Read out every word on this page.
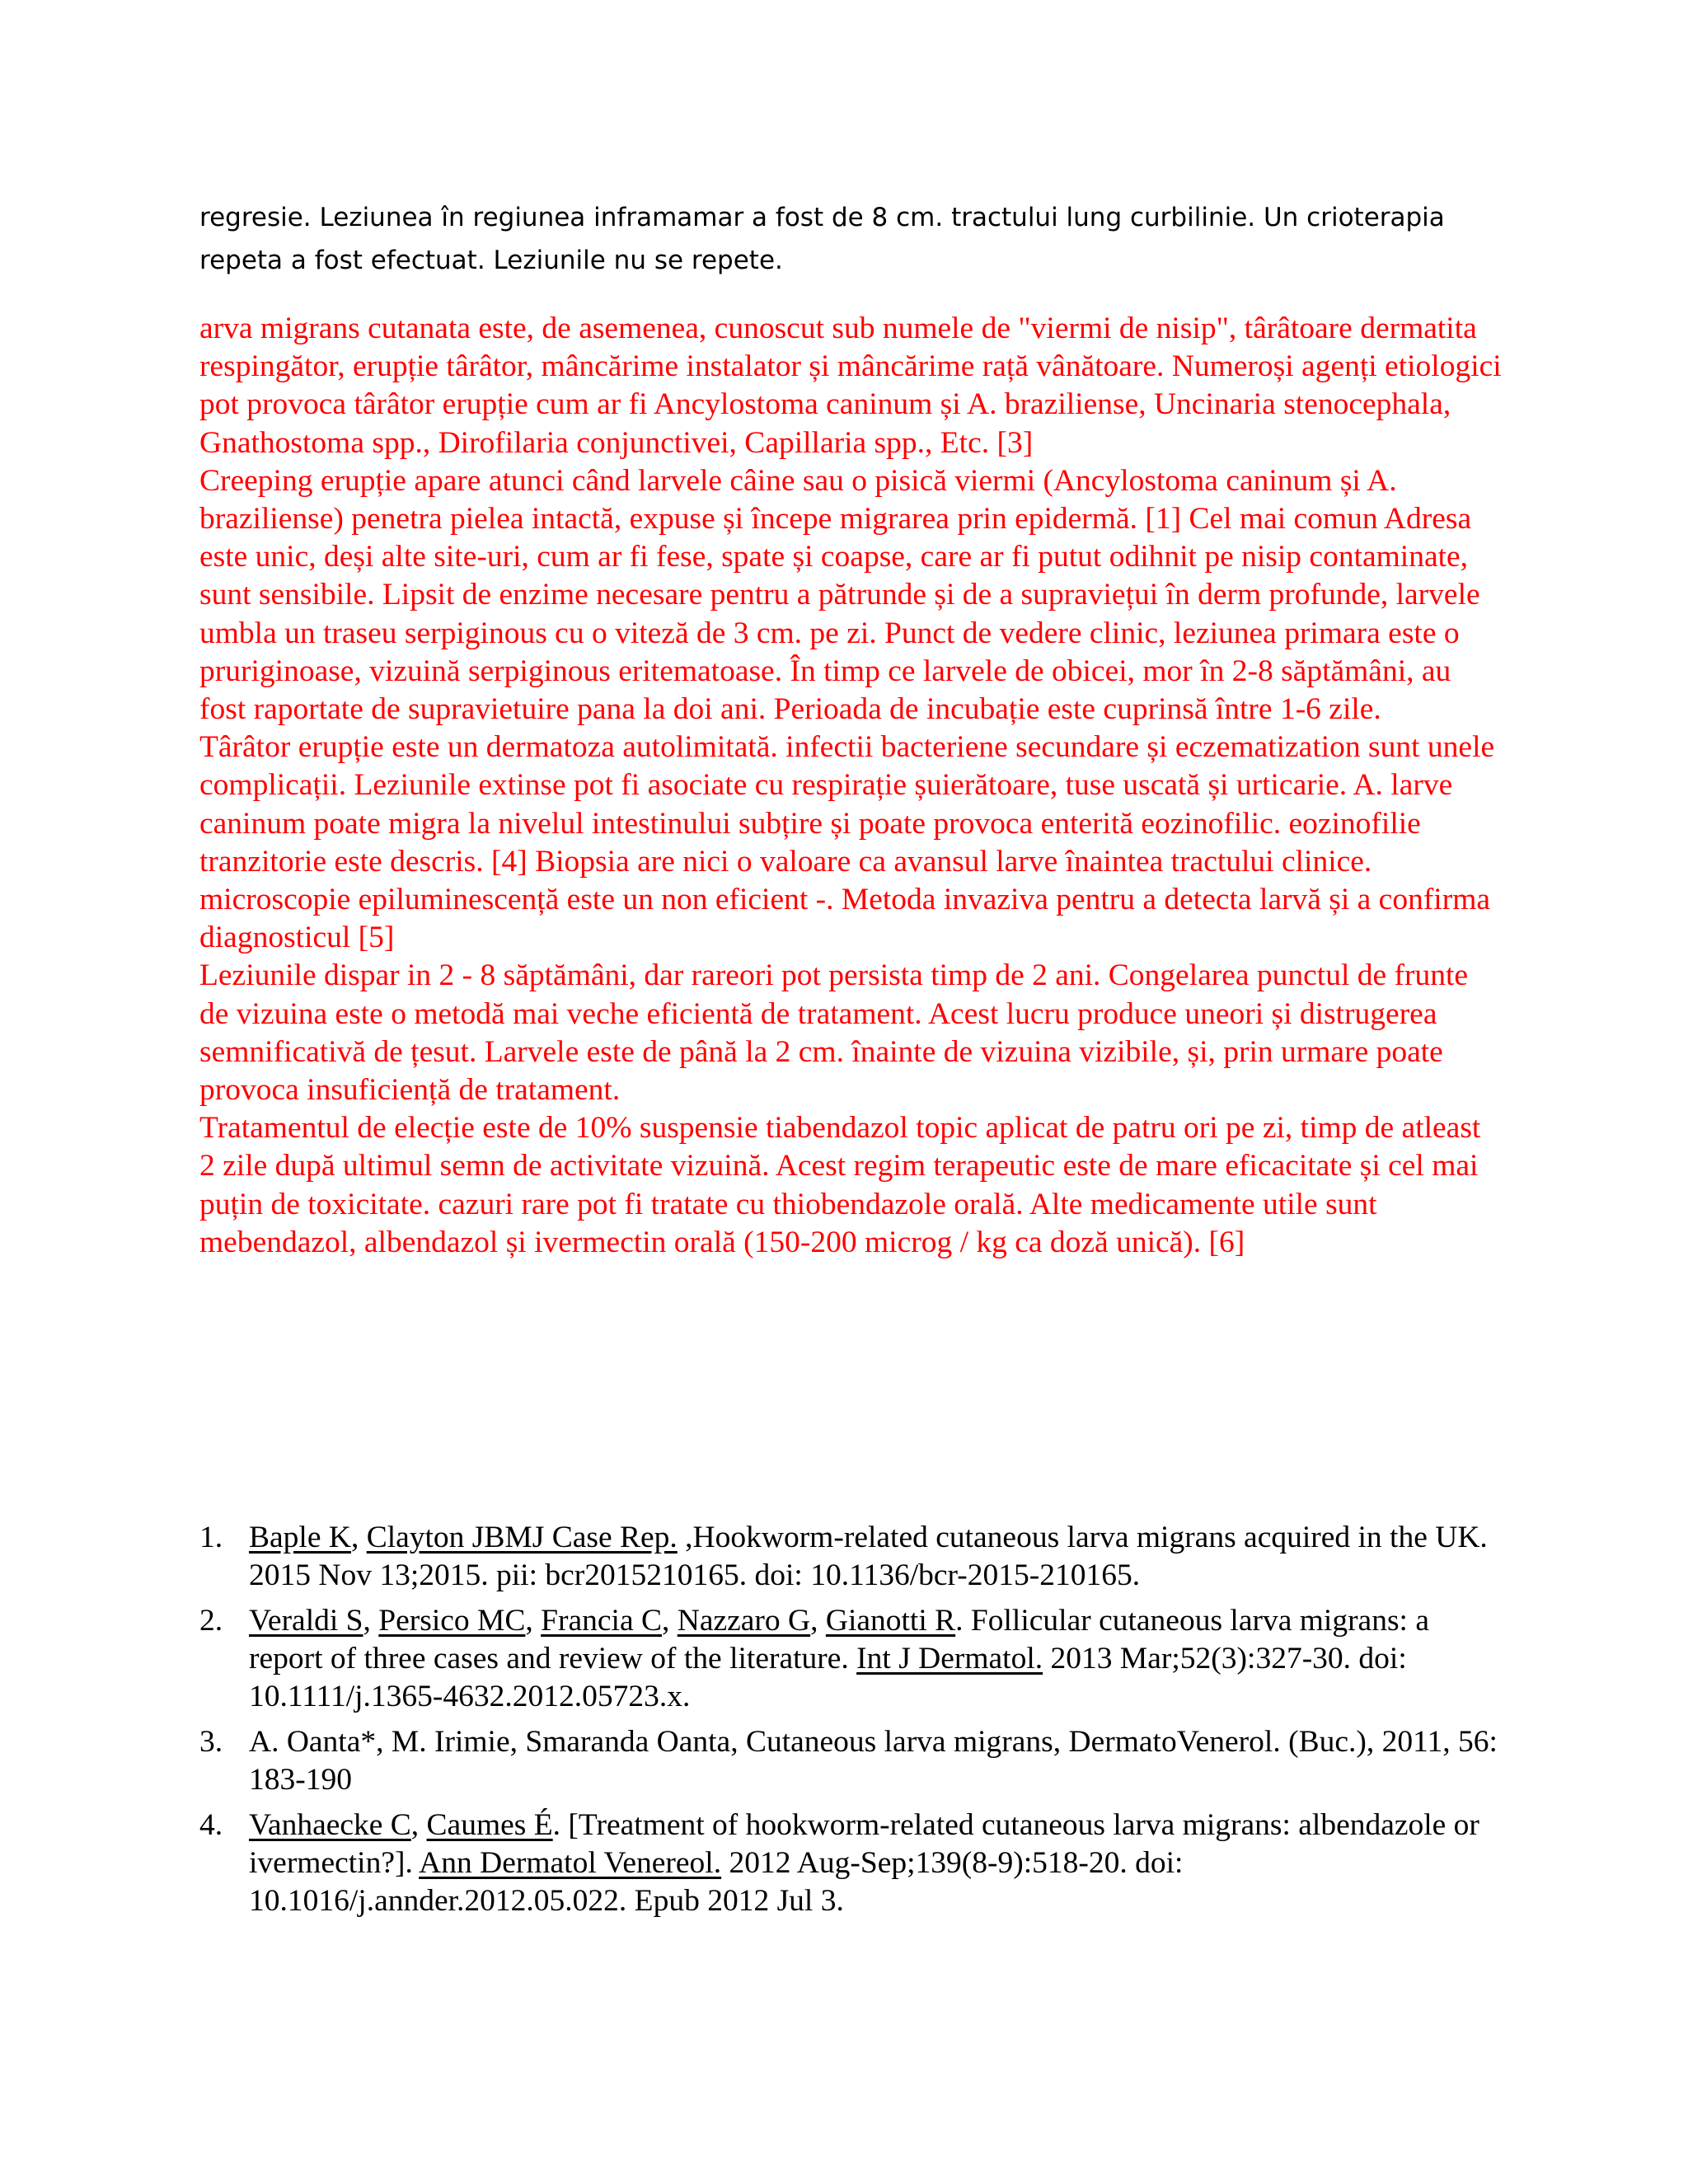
regresie. Leziunea în regiunea inframamar a fost de 8 cm. tractului lung curbilinie. Un crioterapia repeta a fost efectuat. Leziunile nu se repete.

arva migrans cutanata este, de asemenea, cunoscut sub numele de "viermi de nisip", târâtoare dermatita respingător, erupție târâtor, mâncărime instalator și mâncărime rață vânătoare. Numeroși agenți etiologici pot provoca târâtor erupție cum ar fi Ancylostoma caninum și A. braziliense, Uncinaria stenocephala, Gnathostoma spp., Dirofilaria conjunctivei, Capillaria spp., Etc. [3]

Creeping erupție apare atunci când larvele câine sau o pisică viermi (Ancylostoma caninum și A. braziliense) penetra pielea intactă, expuse și începe migrarea prin epidermă. [1] Cel mai comun Adresa este unic, deși alte site-uri, cum ar fi fese, spate și coapse, care ar fi putut odihnit pe nisip contaminate, sunt sensibile. Lipsit de enzime necesare pentru a pătrunde și de a supraviețui în derm profunde, larvele umbla un traseu serpiginous cu o viteză de 3 cm. pe zi. Punct de vedere clinic, leziunea primara este o pruriginoase, vizuină serpiginous eritematoase. În timp ce larvele de obicei, mor în 2-8 săptămâni, au fost raportate de supravietuire pana la doi ani. Perioada de incubație este cuprinsă între 1-6 zile.

Târâtor erupție este un dermatoza autolimitată. infectii bacteriene secundare și eczematization sunt unele complicații. Leziunile extinse pot fi asociate cu respirație șuierătoare, tuse uscată și urticarie. A. larve caninum poate migra la nivelul intestinului subțire și poate provoca enterită eozinofilic. eozinofilie tranzitorie este descris. [4] Biopsia are nici o valoare ca avansul larve înaintea tractului clinice. microscopie epiluminescență este un non eficient -. Metoda invaziva pentru a detecta larvă și a confirma diagnosticul [5]

Leziunile dispar in 2 - 8 săptămâni, dar rareori pot persista timp de 2 ani. Congelarea punctul de frunte de vizuina este o metodă mai veche eficientă de tratament. Acest lucru produce uneori și distrugerea semnificativă de țesut. Larvele este de până la 2 cm. înainte de vizuina vizibile, și, prin urmare poate provoca insuficiență de tratament.

Tratamentul de elecție este de 10% suspensie tiabendazol topic aplicat de patru ori pe zi, timp de atleast 2 zile după ultimul semn de activitate vizuină. Acest regim terapeutic este de mare eficacitate și cel mai puțin de toxicitate. cazuri rare pot fi tratate cu thiobendazole orală. Alte medicamente utile sunt mebendazol, albendazol și ivermectin orală (150-200 microg / kg ca doză unică). [6]

1. Baple K, Clayton JBMJ Case Rep. ,Hookworm-related cutaneous larva migrans acquired in the UK. 2015 Nov 13;2015. pii: bcr2015210165. doi: 10.1136/bcr-2015-210165.
2. Veraldi S, Persico MC, Francia C, Nazzaro G, Gianotti R. Follicular cutaneous larva migrans: a report of three cases and review of the literature. Int J Dermatol. 2013 Mar;52(3):327-30. doi: 10.1111/j.1365-4632.2012.05723.x.
3. A. Oanta*, M. Irimie, Smaranda Oanta, Cutaneous larva migrans, DermatoVenerol. (Buc.), 2011, 56: 183-190
4. Vanhaecke C, Caumes É. [Treatment of hookworm-related cutaneous larva migrans: albendazole or ivermectin?]. Ann Dermatol Venereol. 2012 Aug-Sep;139(8-9):518-20. doi: 10.1016/j.annder.2012.05.022. Epub 2012 Jul 3.
